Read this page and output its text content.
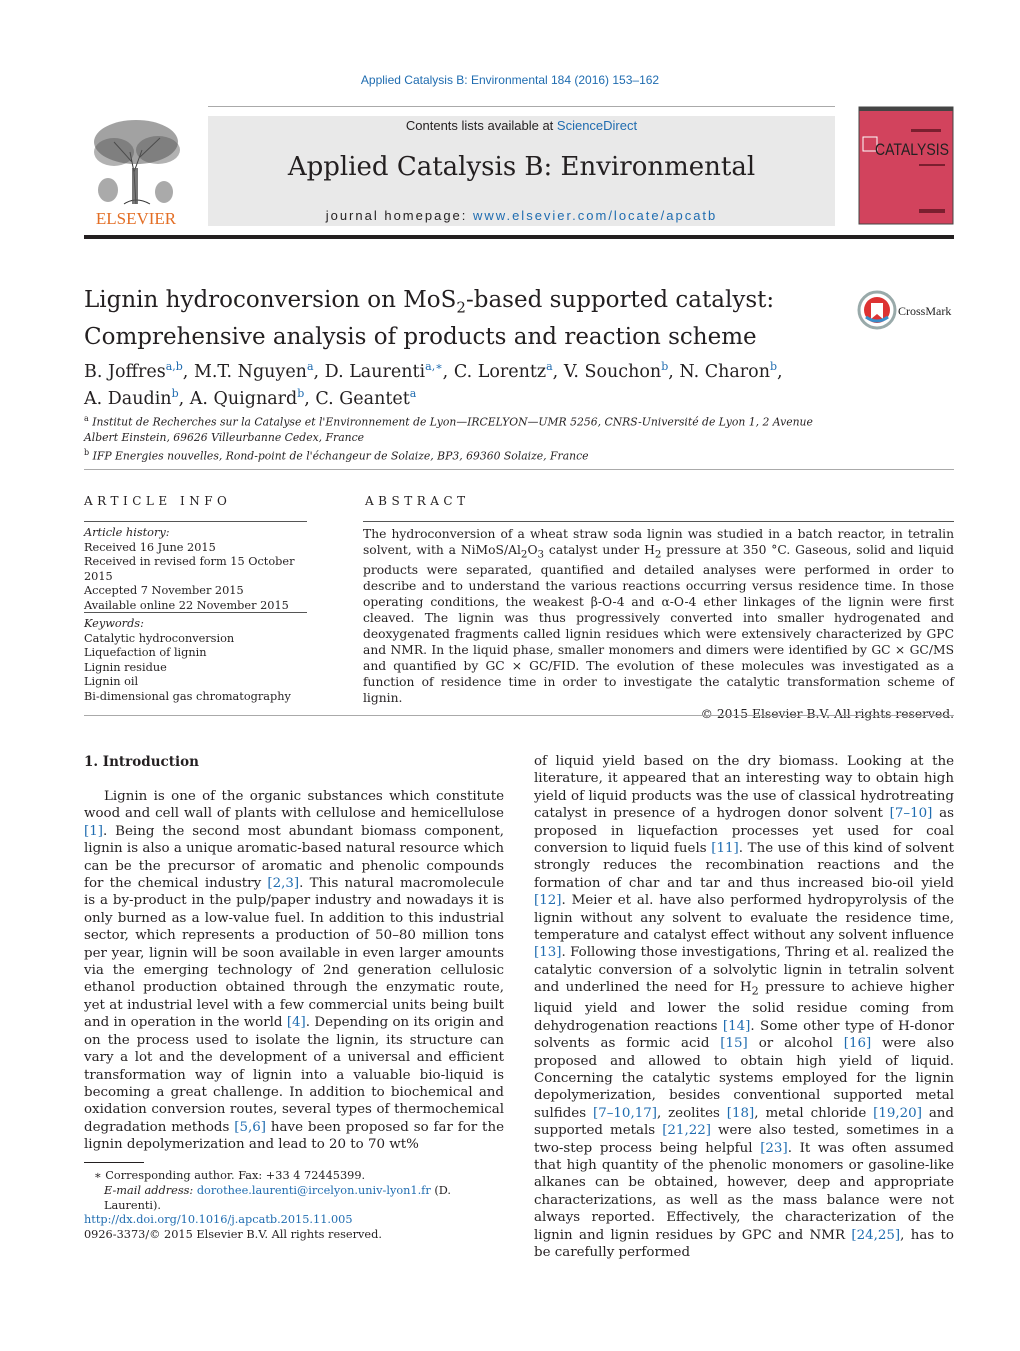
Applied Catalysis B: Environmental 184 (2016) 153–162
ELSEVIER
Contents lists available at ScienceDirect
Applied Catalysis B: Environmental
journal homepage: www.elsevier.com/locate/apcatb
CATALYSIS
Lignin hydroconversion on MoS$_2$-based supported catalyst:
Comprehensive analysis of products and reaction scheme
CrossMark
B. Joffres$^{a,b}$, M.T. Nguyen$^a$, D. Laurenti$^{a,∗}$, C. Lorentz$^a$, V. Souchon$^b$, N. Charon$^b$,
A. Daudin$^b$, A. Quignard$^b$, C. Geantet$^a$
$^a$ Institut de Recherches sur la Catalyse et l'Environnement de Lyon—IRCELYON—UMR 5256, CNRS-Université de Lyon 1, 2 Avenue Albert Einstein, 69626 Villeurbanne Cedex, France
$^b$ IFP Energies nouvelles, Rond-point de l'échangeur de Solaize, BP3, 69360 Solaize, France
ARTICLE INFO
Article history:
Received 16 June 2015
Received in revised form 15 October 2015
Accepted 7 November 2015
Available online 22 November 2015
Keywords:
Catalytic hydroconversion
Liquefaction of lignin
Lignin residue
Lignin oil
Bi-dimensional gas chromatography
ABSTRACT
The hydroconversion of a wheat straw soda lignin was studied in a batch reactor, in tetralin solvent, with a NiMoS/$Al_2O_3$ catalyst under $H_2$ pressure at 350 °C. Gaseous, solid and liquid products were separated, quantified and detailed analyses were performed in order to describe and to understand the various reactions occurring versus residence time. In those operating conditions, the weakest β-O-4 and α-O-4 ether linkages of the lignin were first cleaved. The lignin was thus progressively converted into smaller hydrogenated and deoxygenated fragments called lignin residues which were extensively characterized by GPC and NMR. In the liquid phase, smaller monomers and dimers were identified by GC × GC/MS and quantified by GC × GC/FID. The evolution of these molecules was investigated as a function of residence time in order to investigate the catalytic transformation scheme of lignin.
© 2015 Elsevier B.V. All rights reserved.
1. Introduction
Lignin is one of the organic substances which constitute wood and cell wall of plants with cellulose and hemicellulose [1]. Being the second most abundant biomass component, lignin is also a unique aromatic-based natural resource which can be the precursor of aromatic and phenolic compounds for the chemical industry [2,3]. This natural macromolecule is a by-product in the pulp/paper industry and nowadays it is only burned as a low-value fuel. In addition to this industrial sector, which represents a production of 50–80 million tons per year, lignin will be soon available in even larger amounts via the emerging technology of 2nd generation cellulosic ethanol production obtained through the enzymatic route, yet at industrial level with a few commercial units being built and in operation in the world [4]. Depending on its origin and on the process used to isolate the lignin, its structure can vary a lot and the development of a universal and efficient transformation way of lignin into a valuable bio-liquid is becoming a great challenge. In addition to biochemical and oxidation conversion routes, several types of thermochemical degradation methods [5,6] have been proposed so far for the lignin depolymerization and lead to 20 to 70 wt%
of liquid yield based on the dry biomass. Looking at the literature, it appeared that an interesting way to obtain high yield of liquid products was the use of classical hydrotreating catalyst in presence of a hydrogen donor solvent [7–10] as proposed in liquefaction processes yet used for coal conversion to liquid fuels [11]. The use of this kind of solvent strongly reduces the recombination reactions and the formation of char and tar and thus increased bio-oil yield [12]. Meier et al. have also performed hydropyrolysis of the lignin without any solvent to evaluate the residence time, temperature and catalyst effect without any solvent influence [13]. Following those investigations, Thring et al. realized the catalytic conversion of a solvolytic lignin in tetralin solvent and underlined the need for $H_2$ pressure to achieve higher liquid yield and lower the solid residue coming from dehydrogenation reactions [14]. Some other type of H-donor solvents as formic acid [15] or alcohol [16] were also proposed and allowed to obtain high yield of liquid. Concerning the catalytic systems employed for the lignin depolymerization, besides conventional supported metal sulfides [7–10,17], zeolites [18], metal chloride [19,20] and supported metals [21,22] were also tested, sometimes in a two-step process being helpful [23]. It was often assumed that high quantity of the phenolic monomers or gasoline-like alkanes can be obtained, however, deep and appropriate characterizations, as well as the mass balance were not always reported. Effectively, the characterization of the lignin and lignin residues by GPC and NMR [24,25], has to be carefully performed
∗ Corresponding author. Fax: +33 4 72445399.
E-mail address: dorothee.laurenti@ircelyon.univ-lyon1.fr (D. Laurenti).
http://dx.doi.org/10.1016/j.apcatb.2015.11.005
0926-3373/© 2015 Elsevier B.V. All rights reserved.
